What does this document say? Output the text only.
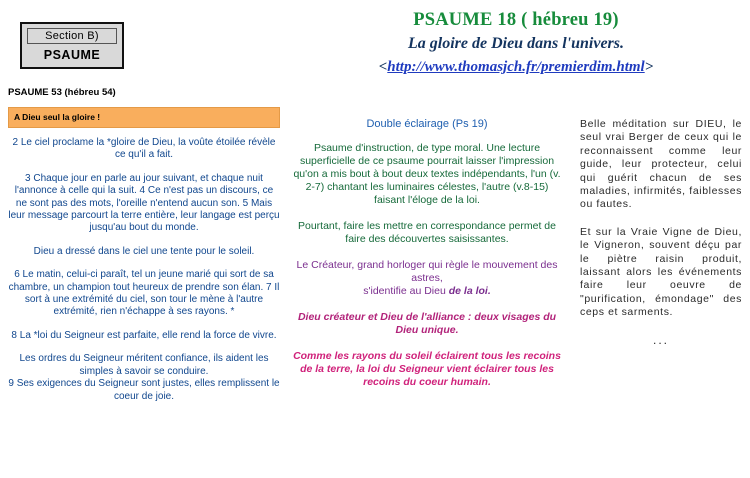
PSAUME 18 ( hébreu 19)
La gloire de Dieu dans l'univers.
<http://www.thomasjch.fr/premierdim.html>
Section B)
PSAUME
PSAUME 53 (hébreu 54)
A Dieu seul la gloire !

2 Le ciel proclame la *gloire de Dieu, la voûte étoilée révèle ce qu'il a fait.

3 Chaque jour en parle au jour suivant, et chaque nuit l'annonce à celle qui la suit. 4 Ce n'est pas un discours, ce ne sont pas des mots, l'oreille n'entend aucun son. 5 Mais leur message parcourt la terre entière, leur langage est perçu jusqu'au bout du monde.

Dieu a dressé dans le ciel une tente pour le soleil.

6 Le matin, celui-ci paraît, tel un jeune marié qui sort de sa chambre, un champion tout heureux de prendre son élan. 7 Il sort à une extrémité du ciel, son tour le mène à l'autre extrémité, rien n'échappe à ses rayons. *

8 La *loi du Seigneur est parfaite, elle rend la force de vivre.

Les ordres du Seigneur méritent confiance, ils aident les simples à savoir se conduire.

9 Ses exigences du Seigneur sont justes, elles remplissent le coeur de joie.

Double éclairage (Ps 19)

Psaume d'instruction, de type moral. Une lecture superficielle de ce psaume pourrait laisser l'impression qu'on a mis bout à bout deux textes indépendants, l'un (v. 2-7) chantant les luminaires célestes, l'autre (v.8-15) faisant l'éloge de la loi.

Pourtant, faire les mettre en correspondance permet de faire des découvertes saisissantes.

Le Créateur, grand horloger qui règle le mouvement des astres,
s'identifie au Dieu de la loi.

Dieu créateur et Dieu de l'alliance : deux visages du Dieu unique.

Comme les rayons du soleil éclairent tous les recoins de la terre, la loi du Seigneur vient éclairer tous les recoins du coeur humain.

Belle méditation sur DIEU, le seul vrai Berger de ceux qui le reconnaissent comme leur guide, leur protecteur, celui qui guérit chacun de ses maladies, infirmités, faiblesses ou fautes.

Et sur la Vraie Vigne de Dieu, le Vigneron, souvent déçu par le piètre raisin produit, laissant alors les événements faire leur oeuvre de "purification, émondage" des ceps et sarments.

...
